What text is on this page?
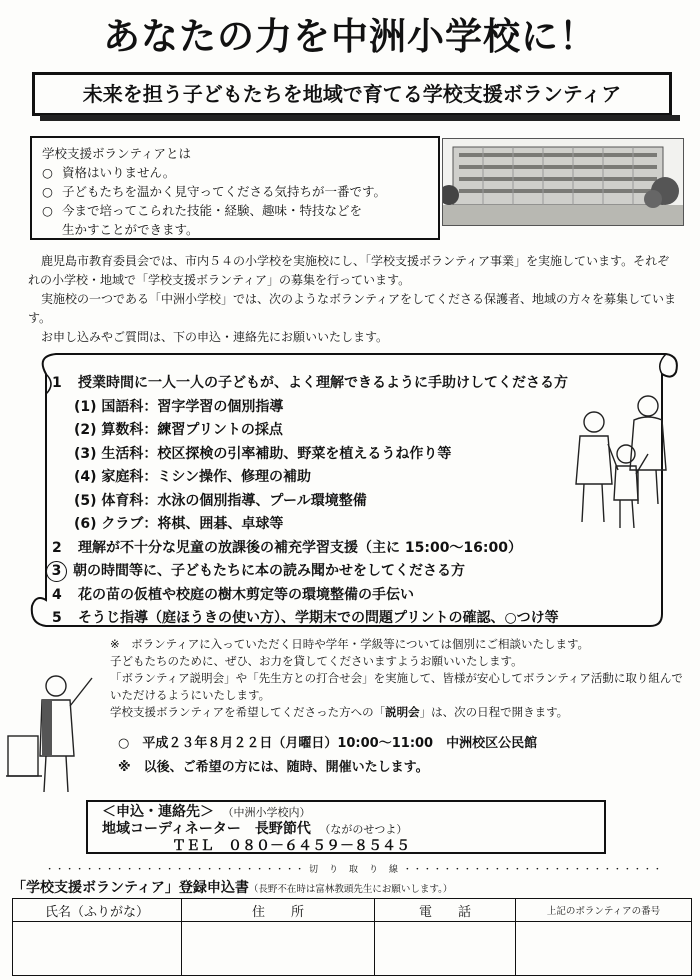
あなたの力を中洲小学校に！
未来を担う子どもたちを地域で育てる学校支援ボランティア
学校支援ボランティアとは
○ 資格はいりません。
○ 子どもたちを温かく見守ってくださる気持ちが一番です。
○ 今まで培ってこられた技能・経験、趣味・特技などを
生かすことができます。

鹿児島市教育委員会では、市内５４の小学校を実施校にし、「学校支援ボランティア事業」を実施しています。それぞれの小学校・地域で「学校支援ボランティア」の募集を行っています。

実施校の一つである「中洲小学校」では、次のようなボランティアをしてくださる保護者、地域の方々を募集しています。

お申し込みやご質問は、下の申込・連絡先にお願いいたします。

1 授業時間に一人一人の子どもが、よく理解できるように手助けしてくださる方
(1) 国語科：習字学習の個別指導
(2) 算数科：練習プリントの採点
(3) 生活科：校区探検の引率補助、野菜を植えるうね作り等
(4) 家庭科：ミシン操作、修理の補助
(5) 体育科：水泳の個別指導、プール環境整備
(6) クラブ：将棋、囲碁、卓球等
2 理解が不十分な児童の放課後の補充学習支援（主に 15:00～16:00）
3 朝の時間等に、子どもたちに本の読み聞かせをしてくださる方
4 花の苗の仮植や校庭の樹木剪定等の環境整備の手伝い
5 そうじ指導（庭ほうきの使い方）、学期末での問題プリントの確認、○つけ等

※　ボランティアに入っていただく日時や学年・学級等については個別にご相談いたします。

子どもたちのために、ぜひ、お力を貸してくださいますようお願いいたします。

「ボランティア説明会」や「先生方との打合せ会」を実施して、皆様が安心してボランティア活動に取り組んでいただけるようにいたします。

学校支援ボランティアを希望してくださった方への「説明会」は、次の日程で開きます。

○　平成２３年８月２２日（月曜日）10:00～11:00　中洲校区公民館
※　以後、ご希望の方には、随時、開催いたします。
＜申込・連絡先＞　 （中洲小学校内）
地域コーディネーター　長野節代　 （ながのせつよ）
ＴＥＬ　 ０８０－６４５９－８５４５
・・・・・・・・・・・・・・・・・・・・・・・・・・ 切　り　取　り　線 ・・・・・・・・・・・・・・・・・・・・・・・・・・
「学校支援ボランティア」登録申込書（長野不在時は富林教頭先生にお願いします。）
氏名（ふりがな）	住　　所	電　　話	上記のボランティアの番号
